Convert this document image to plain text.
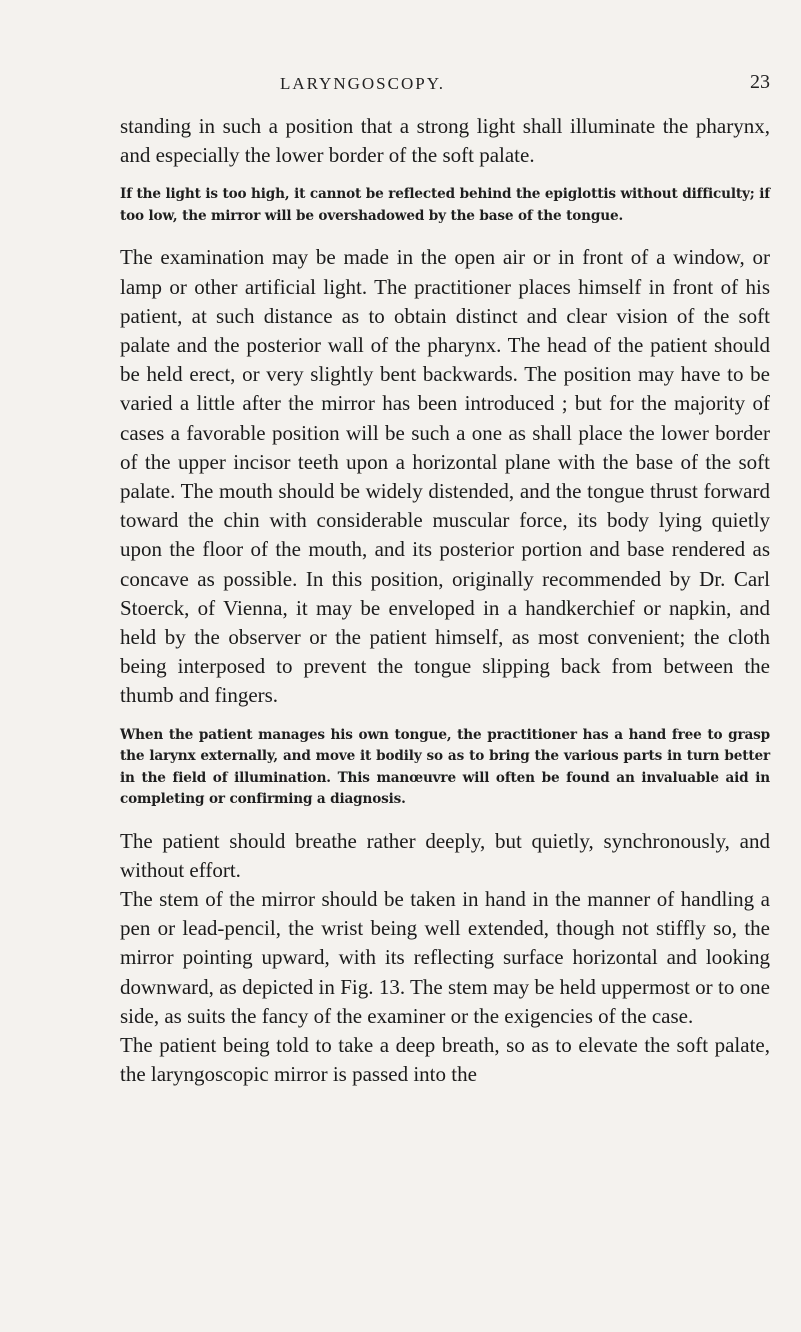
LARYNGOSCOPY.	23

standing in such a position that a strong light shall illuminate the pharynx, and especially the lower border of the soft palate.

If the light is too high, it cannot be reflected behind the epiglottis without difficulty; if too low, the mirror will be overshadowed by the base of the tongue.

The examination may be made in the open air or in front of a window, or lamp or other artificial light. The practitioner places himself in front of his patient, at such distance as to obtain distinct and clear vision of the soft palate and the posterior wall of the pharynx. The head of the patient should be held erect, or very slightly bent backwards. The position may have to be varied a little after the mirror has been introduced ; but for the majority of cases a favorable position will be such a one as shall place the lower border of the upper incisor teeth upon a horizontal plane with the base of the soft palate. The mouth should be widely distended, and the tongue thrust forward toward the chin with considerable muscular force, its body lying quietly upon the floor of the mouth, and its posterior portion and base rendered as concave as possible. In this position, originally recommended by Dr. Carl Stoerck, of Vienna, it may be enveloped in a handkerchief or napkin, and held by the observer or the patient himself, as most convenient; the cloth being interposed to prevent the tongue slipping back from between the thumb and fingers.

When the patient manages his own tongue, the practitioner has a hand free to grasp the larynx externally, and move it bodily so as to bring the various parts in turn better in the field of illumination. This manœuvre will often be found an invaluable aid in completing or confirming a diagnosis.

The patient should breathe rather deeply, but quietly, synchronously, and without effort.

The stem of the mirror should be taken in hand in the manner of handling a pen or lead-pencil, the wrist being well extended, though not stiffly so, the mirror pointing upward, with its reflecting surface horizontal and looking downward, as depicted in Fig. 13. The stem may be held uppermost or to one side, as suits the fancy of the examiner or the exigencies of the case.

The patient being told to take a deep breath, so as to elevate the soft palate, the laryngoscopic mirror is passed into the
